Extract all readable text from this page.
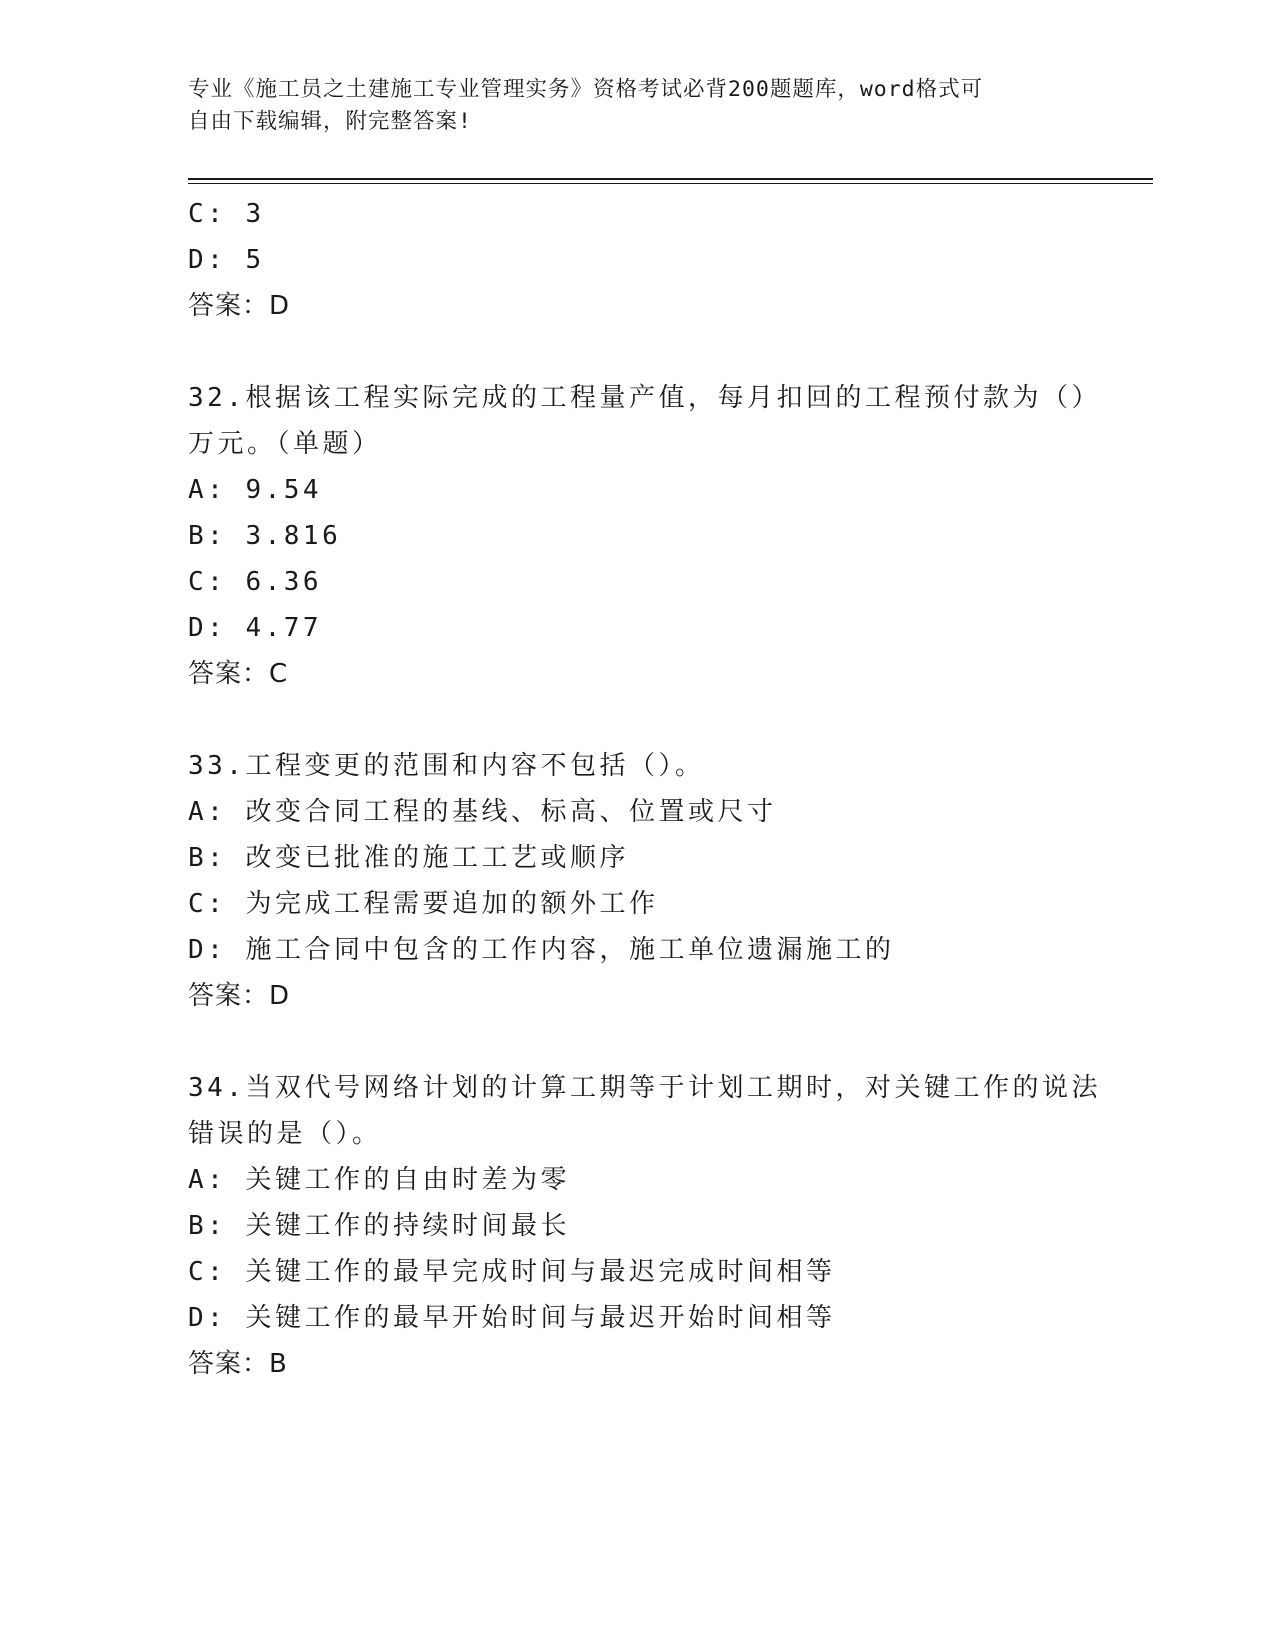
专业《施工员之土建施工专业管理实务》资格考试必背200题题库，word格式可
自由下载编辑，附完整答案!
C: 3
D: 5
答案：D
32.根据该工程实际完成的工程量产值，每月扣回的工程预付款为（）
万元。（单题）
A: 9.54
B: 3.816
C: 6.36
D: 4.77
答案：C
33.工程变更的范围和内容不包括（）。
A: 改变合同工程的基线、标高、位置或尺寸
B: 改变已批准的施工工艺或顺序
C: 为完成工程需要追加的额外工作
D: 施工合同中包含的工作内容，施工单位遗漏施工的
答案：D
34.当双代号网络计划的计算工期等于计划工期时，对关键工作的说法
错误的是（）。
A: 关键工作的自由时差为零
B: 关键工作的持续时间最长
C: 关键工作的最早完成时间与最迟完成时间相等
D: 关键工作的最早开始时间与最迟开始时间相等
答案：B
